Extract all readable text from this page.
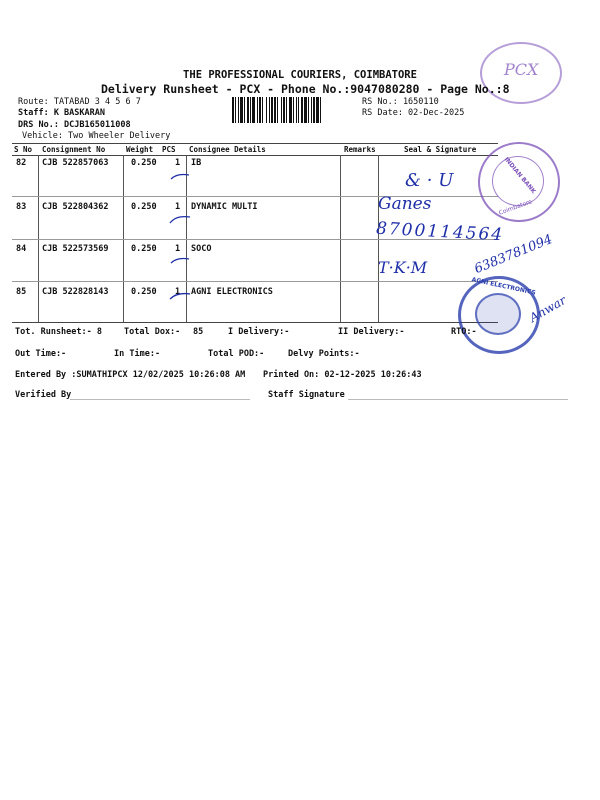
PCX
THE PROFESSIONAL COURIERS, COIMBATORE
Delivery Runsheet - PCX - Phone No.:9047080280 - Page No.:8
Route: TATABAD 3 4 5 6 7
Staff: K BASKARAN
DRS No.: DCJB165011008
Vehicle: Two Wheeler Delivery
RS No.: 1650110
RS Date: 02-Dec-2025
S No Consignment No	Weight PCS Consignee Details	Remarks	Seal & Signature
82 CJB 522857063	0.250 1 IB
83 CJB 522804362	0.250 1 DYNAMIC MULTI
84 CJB 522573569	0.250 1 SOCO
85 CJB 522828143	0.250 1 AGNI ELECTRONICS
INDIAN BANK
Coimbatore
& · U
Ganes
8700114564
T·K·M	6383781094
Anwar
AGNI ELECTRONICS
Tot. Runsheet:- 8	Total Dox:- 85	I Delivery:-	II Delivery:-	RTO:-
Out Time:-	In Time:-	Total POD:-	Delvy Points:-
Entered By :SUMATHIPCX 12/02/2025 10:26:08 AM Printed On: 02-12-2025 10:26:43
Verified By	Staff Signature
